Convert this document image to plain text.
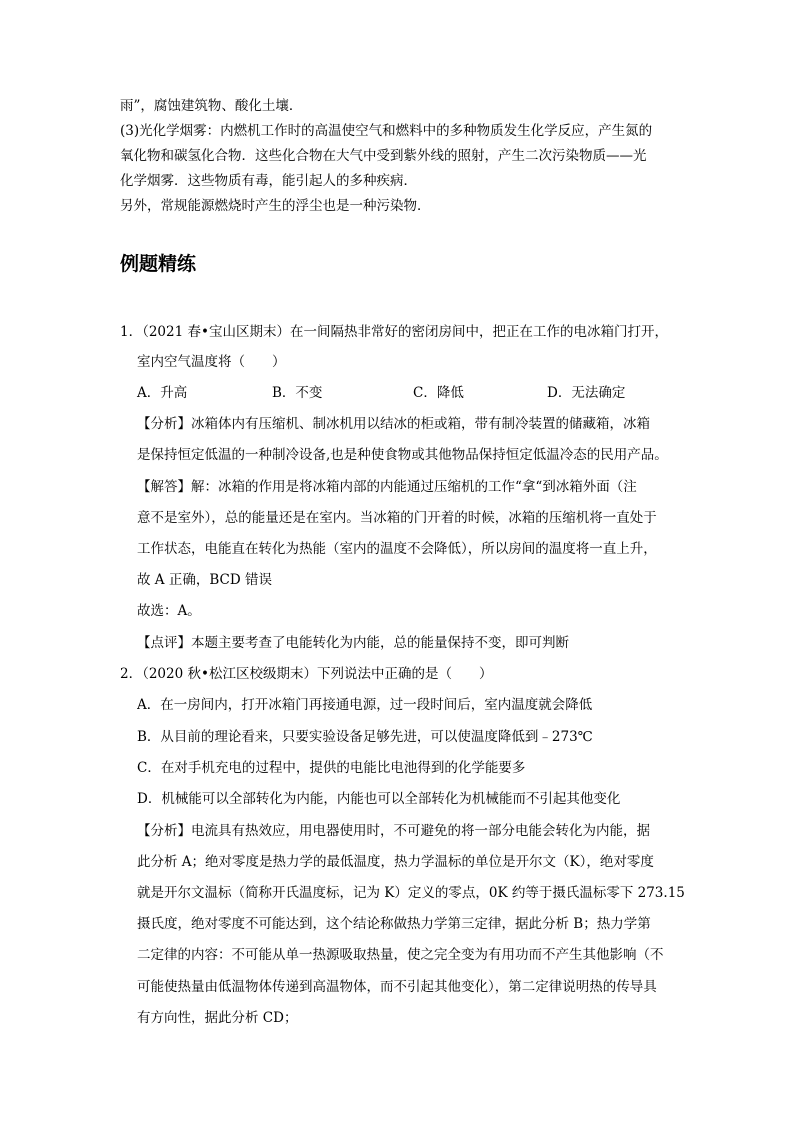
雨”，腐蚀建筑物、酸化土壤．
(3)光化学烟雾：内燃机工作时的高温使空气和燃料中的多种物质发生化学反应，产生氮的
氧化物和碳氢化合物．这些化合物在大气中受到紫外线的照射，产生二次污染物质——光
化学烟雾．这些物质有毒，能引起人的多种疾病．
另外，常规能源燃烧时产生的浮尘也是一种污染物．
例题精练
1．（2021 春•宝山区期末）在一间隔热非常好的密闭房间中，把正在工作的电冰箱门打开，
室内空气温度将（　　）
A．升高	B．不变	C．降低	D．无法确定
【分析】冰箱体内有压缩机、制冰机用以结冰的柜或箱，带有制冷装置的储藏箱，冰箱
是保持恒定低温的一种制冷设备,也是种使食物或其他物品保持恒定低温冷态的民用产品。
【解答】解：冰箱的作用是将冰箱内部的内能通过压缩机的工作“拿“到冰箱外面（注
意不是室外），总的能量还是在室内。当冰箱的门开着的时候，冰箱的压缩机将一直处于
工作状态，电能直在转化为热能（室内的温度不会降低），所以房间的温度将一直上升，
故 A 正确，BCD 错误
故选：A。
【点评】本题主要考查了电能转化为内能，总的能量保持不变，即可判断
2．（2020 秋•松江区校级期末）下列说法中正确的是（　　）
A．在一房间内，打开冰箱门再接通电源，过一段时间后，室内温度就会降低
B．从目前的理论看来，只要实验设备足够先进，可以使温度降低到﹣273℃
C．在对手机充电的过程中，提供的电能比电池得到的化学能要多
D．机械能可以全部转化为内能，内能也可以全部转化为机械能而不引起其他变化
【分析】电流具有热效应，用电器使用时，不可避免的将一部分电能会转化为内能，据
此分析 A；绝对零度是热力学的最低温度，热力学温标的单位是开尔文（K），绝对零度
就是开尔文温标（简称开氏温度标，记为 K）定义的零点，0K 约等于摄氏温标零下 273.15
摄氏度，绝对零度不可能达到，这个结论称做热力学第三定律，据此分析 B；热力学第
二定律的内容：不可能从单一热源吸取热量，使之完全变为有用功而不产生其他影响（不
可能使热量由低温物体传递到高温物体，而不引起其他变化），第二定律说明热的传导具
有方向性，据此分析 CD；
